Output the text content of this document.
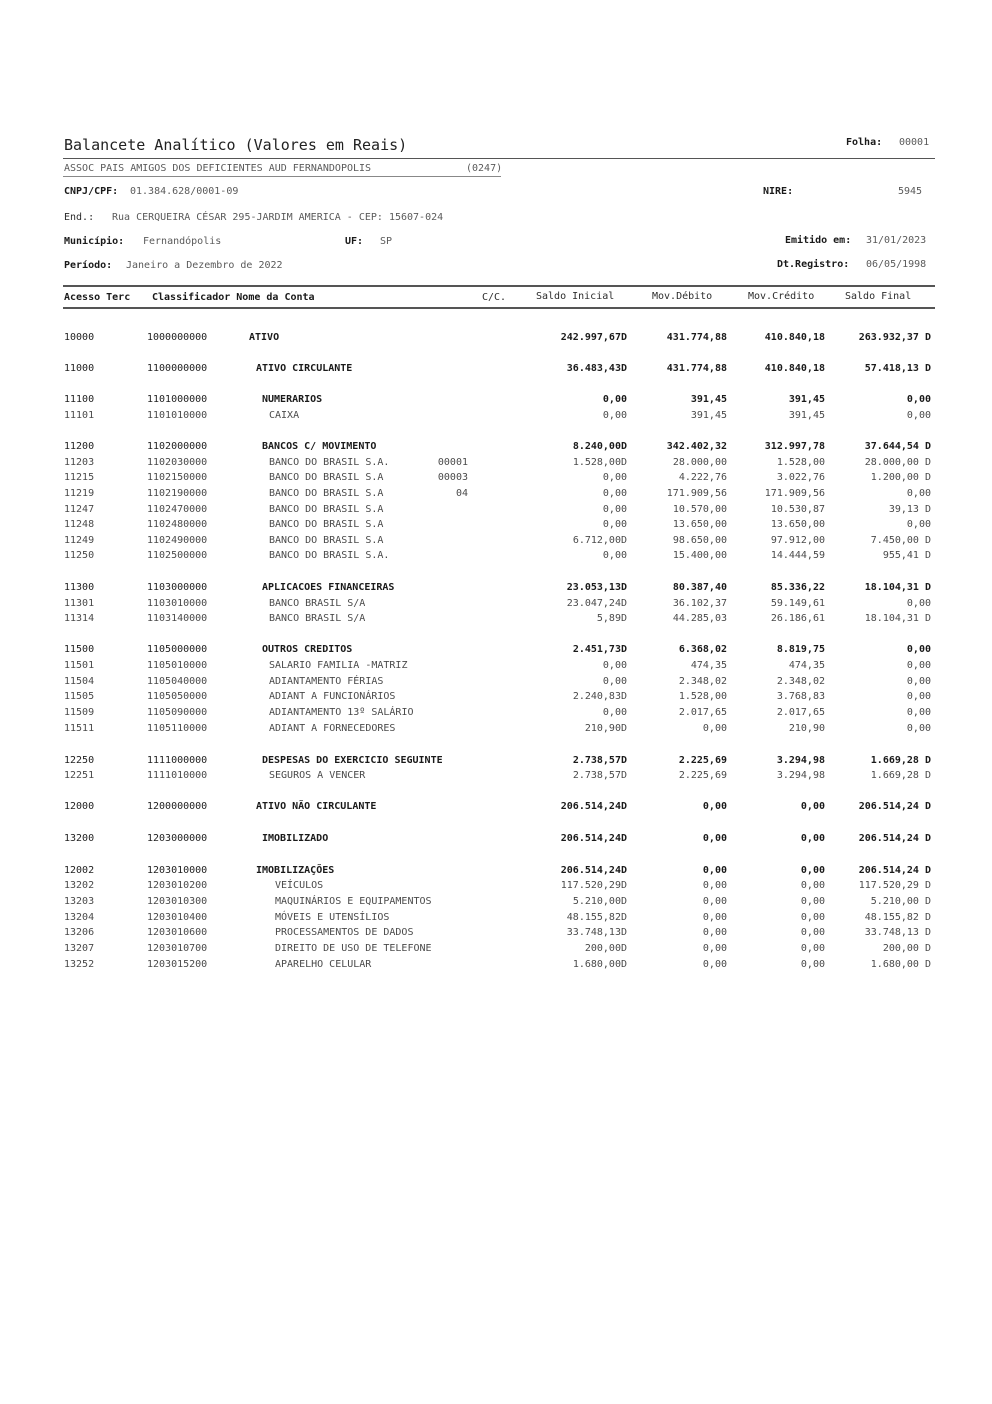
Balancete Analítico (Valores em Reais)	Folha: 00001
ASSOC PAIS AMIGOS DOS DEFICIENTES AUD FERNANDOPOLIS	(0247)
CNPJ/CPF: 01.384.628/0001-09	NIRE:	5945
End.: Rua CERQUEIRA CÉSAR 295-JARDIM AMERICA - CEP: 15607-024
Município: Fernandópolis	UF: SP	Emitido em: 31/01/2023
Período: Janeiro a Dezembro de 2022	Dt.Registro: 06/05/1998
Acesso Terc Classificador Nome da Conta	C/C.	Saldo Inicial	Mov.Débito	Mov.Crédito	Saldo Final
10000	1000000000	ATIVO	242.997,67D	431.774,88	410.840,18	263.932,37 D
11000	1100000000	ATIVO CIRCULANTE	36.483,43D	431.774,88	410.840,18	57.418,13 D
11100	1101000000	NUMERARIOS	0,00	391,45	391,45	0,00
11101	1101010000	CAIXA	0,00	391,45	391,45	0,00
11200	1102000000	BANCOS C/ MOVIMENTO	8.240,00D	342.402,32	312.997,78	37.644,54 D
11203	1102030000	BANCO DO BRASIL S.A.	00001	1.528,00D	28.000,00	1.528,00	28.000,00 D
11215	1102150000	BANCO DO BRASIL S.A	00003	0,00	4.222,76	3.022,76	1.200,00 D
11219	1102190000	BANCO DO BRASIL S.A	04	0,00	171.909,56	171.909,56	0,00
11247	1102470000	BANCO DO BRASIL S.A	0,00	10.570,00	10.530,87	39,13 D
11248	1102480000	BANCO DO BRASIL S.A	0,00	13.650,00	13.650,00	0,00
11249	1102490000	BANCO DO BRASIL S.A	6.712,00D	98.650,00	97.912,00	7.450,00 D
11250	1102500000	BANCO DO BRASIL S.A.	0,00	15.400,00	14.444,59	955,41 D
11300	1103000000	APLICACOES FINANCEIRAS	23.053,13D	80.387,40	85.336,22	18.104,31 D
11301	1103010000	BANCO BRASIL S/A	23.047,24D	36.102,37	59.149,61	0,00
11314	1103140000	BANCO BRASIL S/A	5,89D	44.285,03	26.186,61	18.104,31 D
11500	1105000000	OUTROS CREDITOS	2.451,73D	6.368,02	8.819,75	0,00
11501	1105010000	SALARIO FAMILIA -MATRIZ	0,00	474,35	474,35	0,00
11504	1105040000	ADIANTAMENTO FÉRIAS	0,00	2.348,02	2.348,02	0,00
11505	1105050000	ADIANT A FUNCIONÁRIOS	2.240,83D	1.528,00	3.768,83	0,00
11509	1105090000	ADIANTAMENTO 13º SALÁRIO	0,00	2.017,65	2.017,65	0,00
11511	1105110000	ADIANT A FORNECEDORES	210,90D	0,00	210,90	0,00
12250	1111000000	DESPESAS DO EXERCICIO SEGUINTE	2.738,57D	2.225,69	3.294,98	1.669,28 D
12251	1111010000	SEGUROS A VENCER	2.738,57D	2.225,69	3.294,98	1.669,28 D
12000	1200000000	ATIVO NÃO CIRCULANTE	206.514,24D	0,00	0,00	206.514,24 D
13200	1203000000	IMOBILIZADO	206.514,24D	0,00	0,00	206.514,24 D
12002	1203010000	IMOBILIZAÇÕES	206.514,24D	0,00	0,00	206.514,24 D
13202	1203010200	VEÍCULOS	117.520,29D	0,00	0,00	117.520,29 D
13203	1203010300	MAQUINÁRIOS E EQUIPAMENTOS	5.210,00D	0,00	0,00	5.210,00 D
13204	1203010400	MÓVEIS E UTENSÍLIOS	48.155,82D	0,00	0,00	48.155,82 D
13206	1203010600	PROCESSAMENTOS DE DADOS	33.748,13D	0,00	0,00	33.748,13 D
13207	1203010700	DIREITO DE USO DE TELEFONE	200,00D	0,00	0,00	200,00 D
13252	1203015200	APARELHO CELULAR	1.680,00D	0,00	0,00	1.680,00 D
